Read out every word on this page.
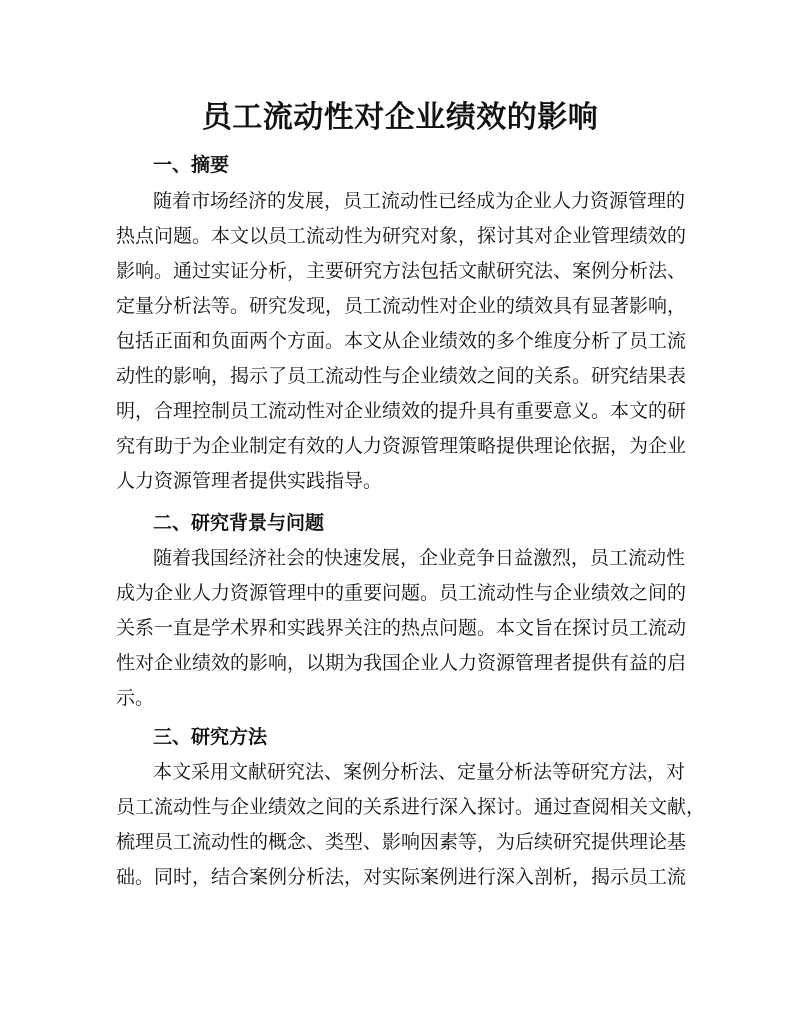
员工流动性对企业绩效的影响
一、摘要

随着市场经济的发展，员工流动性已经成为企业人力资源管理的

热点问题。本文以员工流动性为研究对象，探讨其对企业管理绩效的

影响。通过实证分析，主要研究方法包括文献研究法、案例分析法、

定量分析法等。研究发现，员工流动性对企业的绩效具有显著影响，

包括正面和负面两个方面。本文从企业绩效的多个维度分析了员工流

动性的影响，揭示了员工流动性与企业绩效之间的关系。研究结果表

明，合理控制员工流动性对企业绩效的提升具有重要意义。本文的研

究有助于为企业制定有效的人力资源管理策略提供理论依据，为企业

人力资源管理者提供实践指导。

二、研究背景与问题

随着我国经济社会的快速发展，企业竞争日益激烈，员工流动性

成为企业人力资源管理中的重要问题。员工流动性与企业绩效之间的

关系一直是学术界和实践界关注的热点问题。本文旨在探讨员工流动

性对企业绩效的影响，以期为我国企业人力资源管理者提供有益的启

示。

三、研究方法

本文采用文献研究法、案例分析法、定量分析法等研究方法，对

员工流动性与企业绩效之间的关系进行深入探讨。通过查阅相关文献，

梳理员工流动性的概念、类型、影响因素等，为后续研究提供理论基

础。同时，结合案例分析法，对实际案例进行深入剖析，揭示员工流
